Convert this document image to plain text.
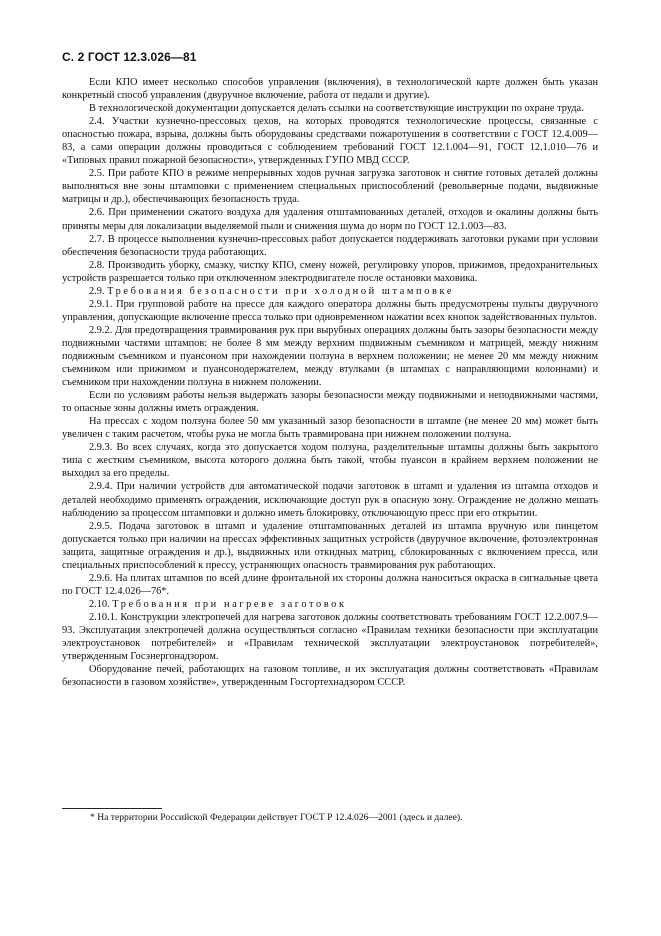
С. 2 ГОСТ 12.3.026—81

Если КПО имеет несколько способов управления (включения), в технологической карте должен быть указан конкретный способ управления (двуручное включение, работа от педали и другие).

В технологической документации допускается делать ссылки на соответствующие инструкции по охране труда.

2.4. Участки кузнечно-прессовых цехов, на которых проводятся технологические процессы, связанные с опасностью пожара, взрыва, должны быть оборудованы средствами пожаротушения в соответствии с ГОСТ 12.4.009—83, а сами операции должны проводиться с соблюдением требований ГОСТ 12.1.004—91, ГОСТ 12.1.010—76 и «Типовых правил пожарной безопасности», утвержденных ГУПО МВД СССР.

2.5. При работе КПО в режиме непрерывных ходов ручная загрузка заготовок и снятие готовых деталей должны выполняться вне зоны штамповки с применением специальных приспособлений (револьверные подачи, выдвижные матрицы и др.), обеспечивающих безопасность труда.

2.6. При применении сжатого воздуха для удаления отштампованных деталей, отходов и окалины должны быть приняты меры для локализации выделяемой пыли и снижения шума до норм по ГОСТ 12.1.003—83.

2.7. В процессе выполнения кузнечно-прессовых работ допускается поддерживать заготовки руками при условии обеспечения безопасности труда работающих.

2.8. Производить уборку, смазку, чистку КПО, смену ножей, регулировку упоров, прижимов, предохранительных устройств разрешается только при отключенном электродвигателе после остановки маховика.

2.9. Требования безопасности при холодной штамповке

2.9.1. При групповой работе на прессе для каждого оператора должны быть предусмотрены пульты двуручного управления, допускающие включение пресса только при одновременном нажатии всех кнопок задействованных пультов.

2.9.2. Для предотвращения травмирования рук при вырубных операциях должны быть зазоры безопасности между подвижными частями штампов: не более 8 мм между верхним подвижным съемником и матрицей, между нижним подвижным съемником и пуансоном при нахождении ползуна в верхнем положении; не менее 20 мм между нижним съемником или прижимом и пуансонодержателем, между втулками (в штампах с направляющими колоннами) и съемником при нахождении ползуна в нижнем положении.

Если по условиям работы нельзя выдержать зазоры безопасности между подвижными и неподвижными частями, то опасные зоны должны иметь ограждения.

На прессах с ходом ползуна более 50 мм указанный зазор безопасности в штампе (не менее 20 мм) может быть увеличен с таким расчетом, чтобы рука не могла быть травмирована при нижнем положении ползуна.

2.9.3. Во всех случаях, когда это допускается ходом ползуна, разделительные штампы должны быть закрытого типа с жестким съемником, высота которого должна быть такой, чтобы пуансон в крайнем верхнем положении не выходил за его пределы.

2.9.4. При наличии устройств для автоматической подачи заготовок в штамп и удаления из штампа отходов и деталей необходимо применять ограждения, исключающие доступ рук в опасную зону. Ограждение не должно мешать наблюдению за процессом штамповки и должно иметь блокировку, отключающую пресс при его открытии.

2.9.5. Подача заготовок в штамп и удаление отштампованных деталей из штампа вручную или пинцетом допускается только при наличии на прессах эффективных защитных устройств (двуручное включение, фотоэлектронная защита, защитные ограждения и др.), выдвижных или откидных матриц, сблокированных с включением пресса, или специальных приспособлений к прессу, устраняющих опасность травмирования рук работающих.

2.9.6. На плитах штампов по всей длине фронтальной их стороны должна наноситься окраска в сигнальные цвета по ГОСТ 12.4.026—76*.

2.10. Требования при нагреве заготовок

2.10.1. Конструкции электропечей для нагрева заготовок должны соответствовать требованиям ГОСТ 12.2.007.9—93. Эксплуатация электропечей должна осуществляться согласно «Правилам техники безопасности при эксплуатации электроустановок потребителей» и «Правилам технической эксплуатации электроустановок потребителей», утвержденным Госэнергонадзором.

Оборудование печей, работающих на газовом топливе, и их эксплуатация должны соответствовать «Правилам безопасности в газовом хозяйстве», утвержденным Госгортехнадзором СССР.

* На территории Российской Федерации действует ГОСТ Р 12.4.026—2001 (здесь и далее).
